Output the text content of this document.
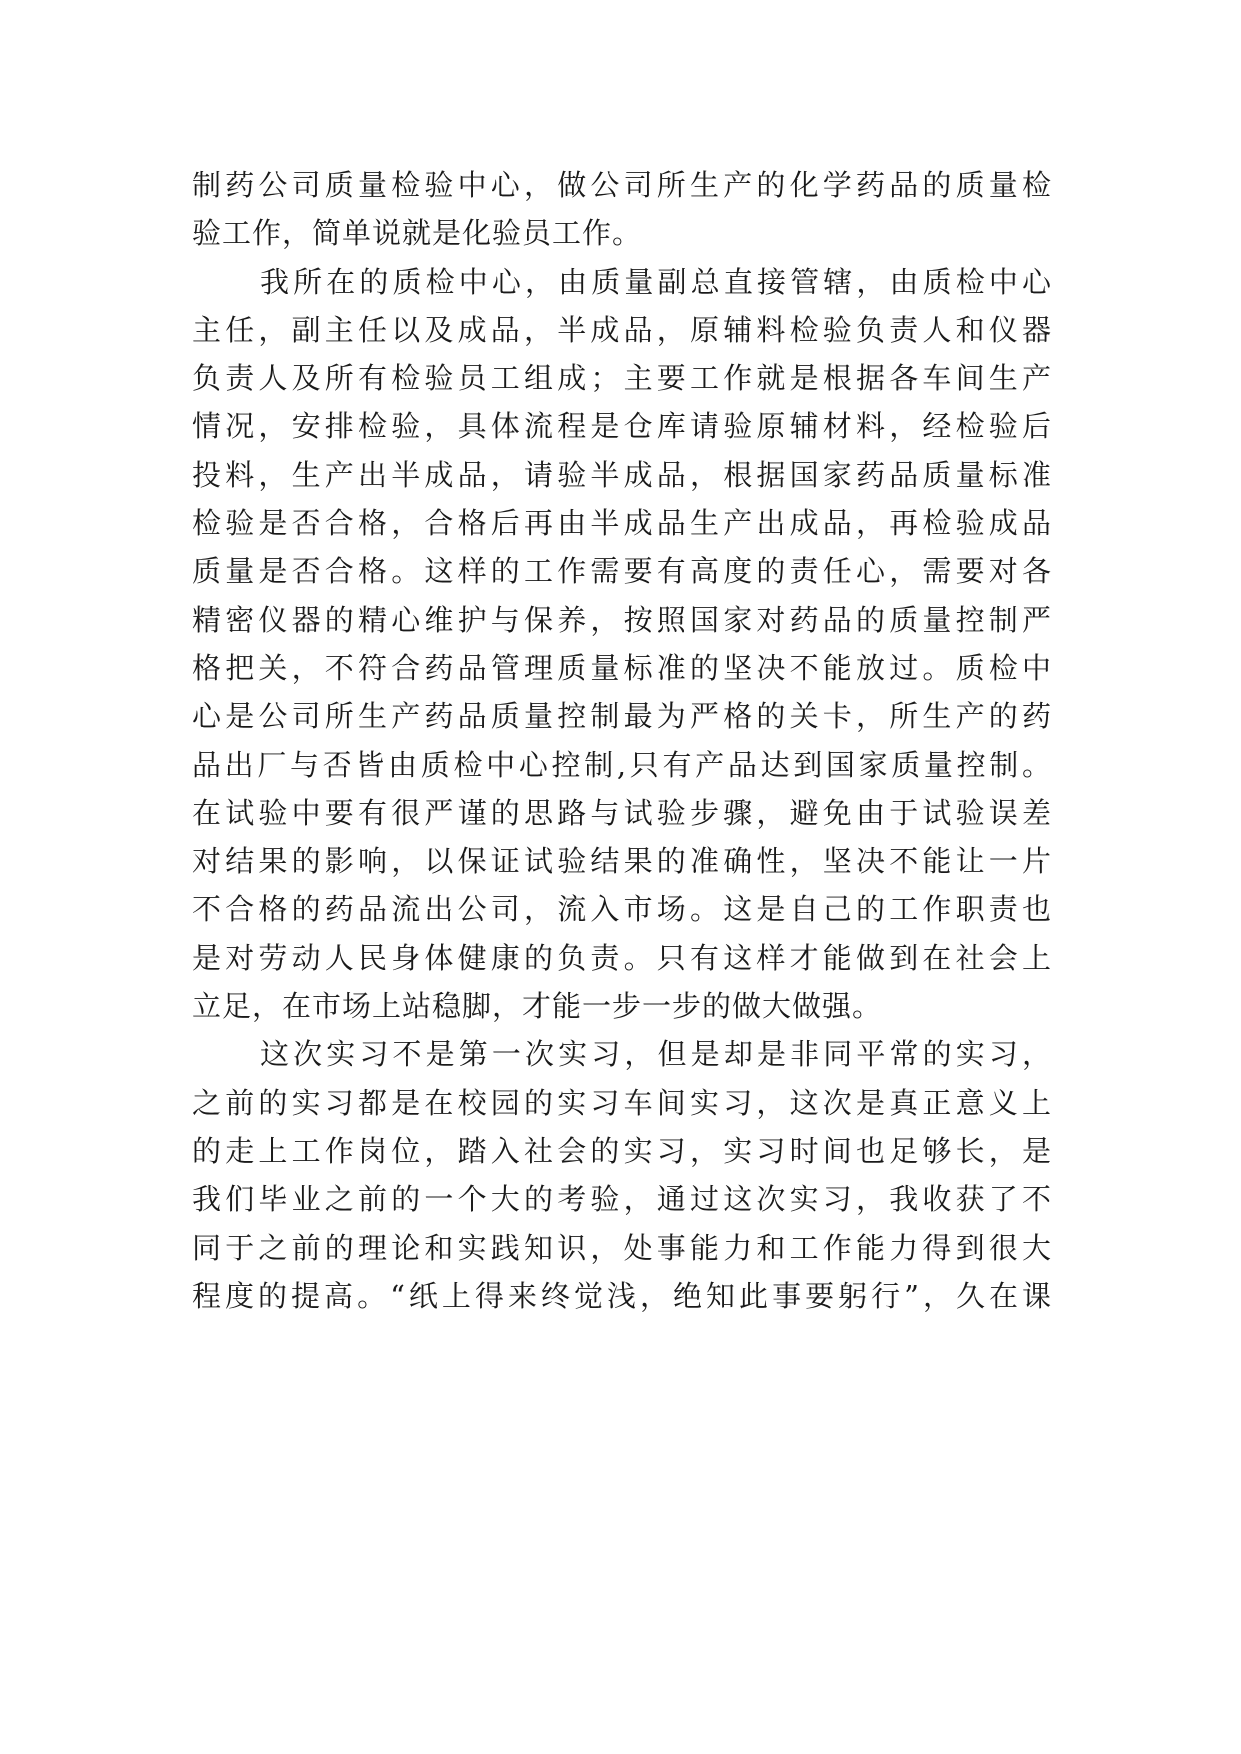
制药公司质量检验中心，做公司所生产的化学药品的质量检
验工作，简单说就是化验员工作。
我所在的质检中心，由质量副总直接管辖，由质检中心
主任，副主任以及成品，半成品，原辅料检验负责人和仪器
负责人及所有检验员工组成；主要工作就是根据各车间生产
情况，安排检验，具体流程是仓库请验原辅材料，经检验后
投料，生产出半成品，请验半成品，根据国家药品质量标准
检验是否合格，合格后再由半成品生产出成品，再检验成品
质量是否合格。这样的工作需要有高度的责任心，需要对各
精密仪器的精心维护与保养，按照国家对药品的质量控制严
格把关，不符合药品管理质量标准的坚决不能放过。质检中
心是公司所生产药品质量控制最为严格的关卡，所生产的药
品出厂与否皆由质检中心控制,只有产品达到国家质量控制。
在试验中要有很严谨的思路与试验步骤，避免由于试验误差
对结果的影响，以保证试验结果的准确性，坚决不能让一片
不合格的药品流出公司，流入市场。这是自己的工作职责也
是对劳动人民身体健康的负责。只有这样才能做到在社会上
立足，在市场上站稳脚，才能一步一步的做大做强。
这次实习不是第一次实习，但是却是非同平常的实习，
之前的实习都是在校园的实习车间实习，这次是真正意义上
的走上工作岗位，踏入社会的实习，实习时间也足够长，是
我们毕业之前的一个大的考验，通过这次实习，我收获了不
同于之前的理论和实践知识，处事能力和工作能力得到很大
程度的提高。“纸上得来终觉浅，绝知此事要躬行”，久在课
